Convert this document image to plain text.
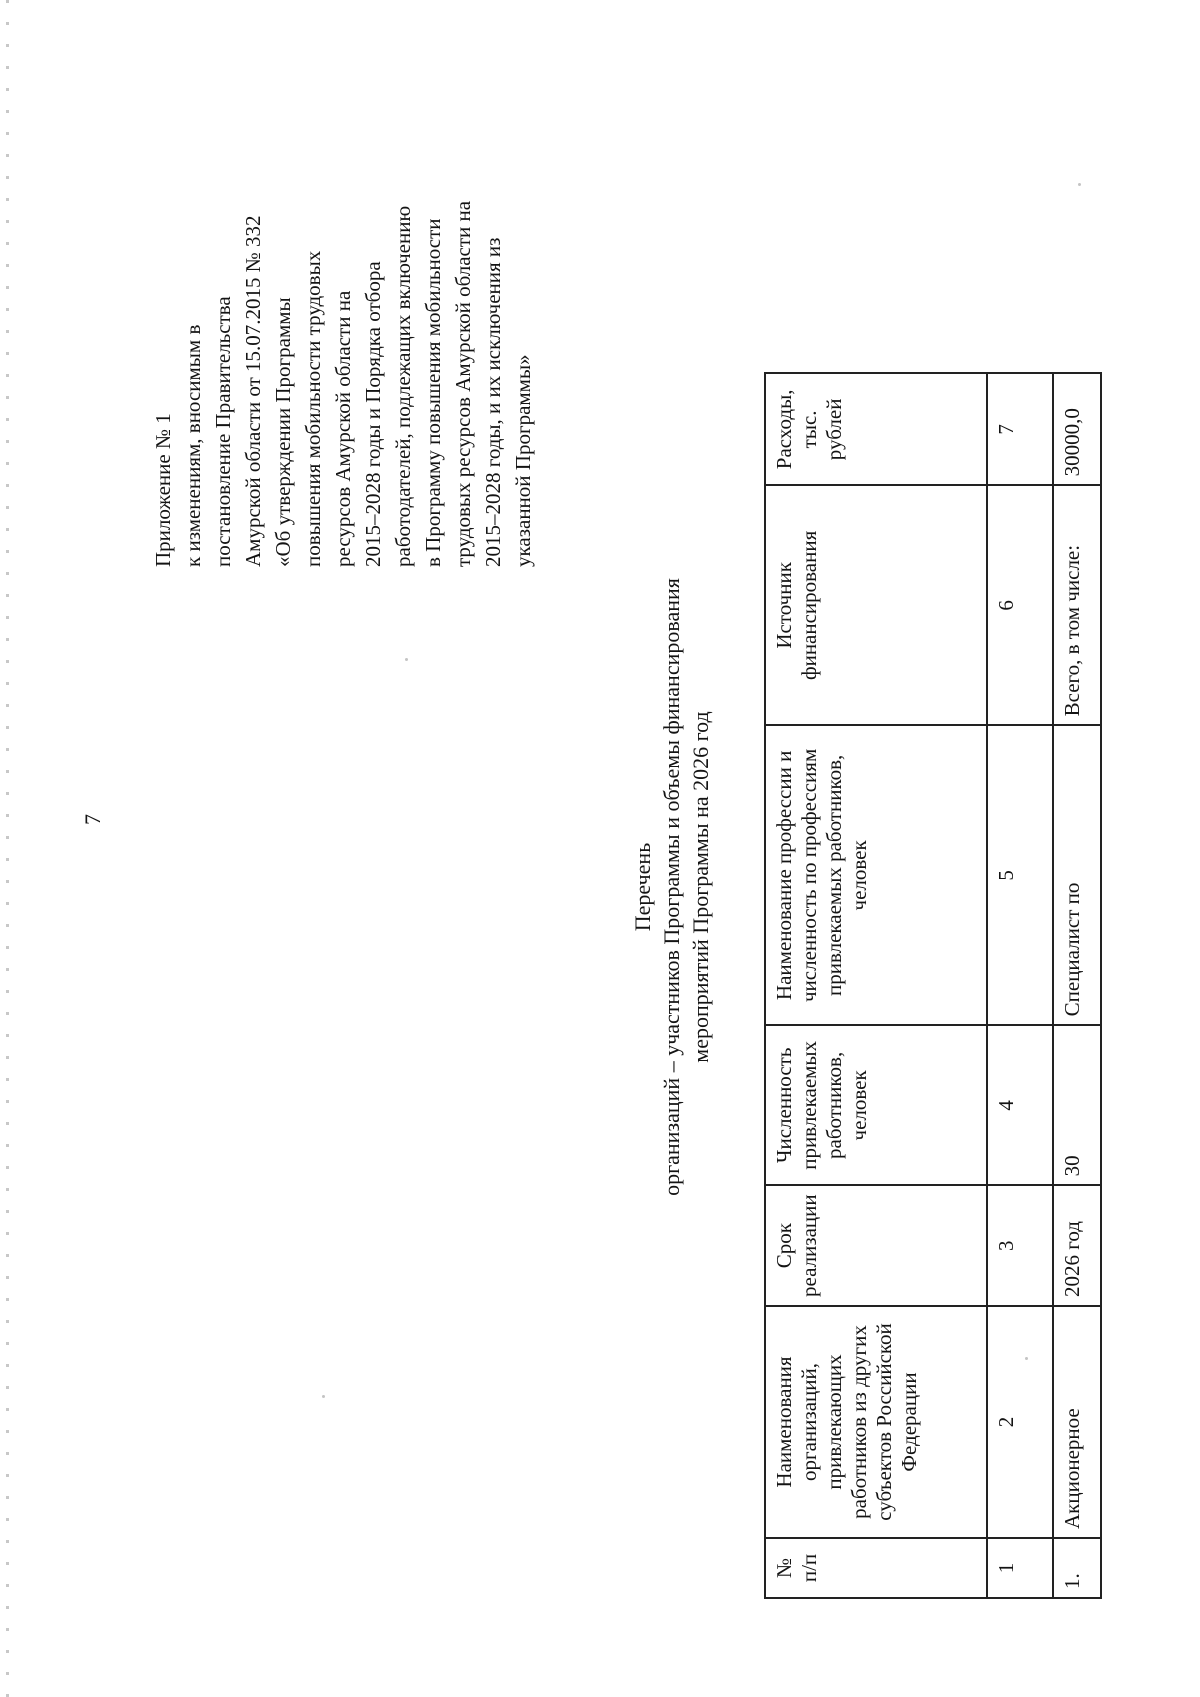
7
Приложение № 1 к изменениям, вносимым в постановление Правительства Амурской области от 15.07.2015 № 332 «Об утверждении Программы повышения мобильности трудовых ресурсов Амурской области на 2015–2028 годы и Порядка отбора работодателей, подлежащих включению в Программу повышения мобильности трудовых ресурсов Амурской области на 2015–2028 годы, и их исключения из указанной Программы»
Перечень организаций – участников Программы и объемы финансирования мероприятий Программы на 2026 год
№ п/п	Наименования организаций, привлекающих работников из других субъектов Российской Федерации	Срок реализации	Численность привлекаемых работников, человек	Наименование профессии и численность по профессиям привлекаемых работников, человек	Источник финансирования	Расходы, тыс. рублей
1	2	3	4	5	6	7
1.	Акционерное	2026 год	30	Специалист по	Всего, в том числе:	30000,0
